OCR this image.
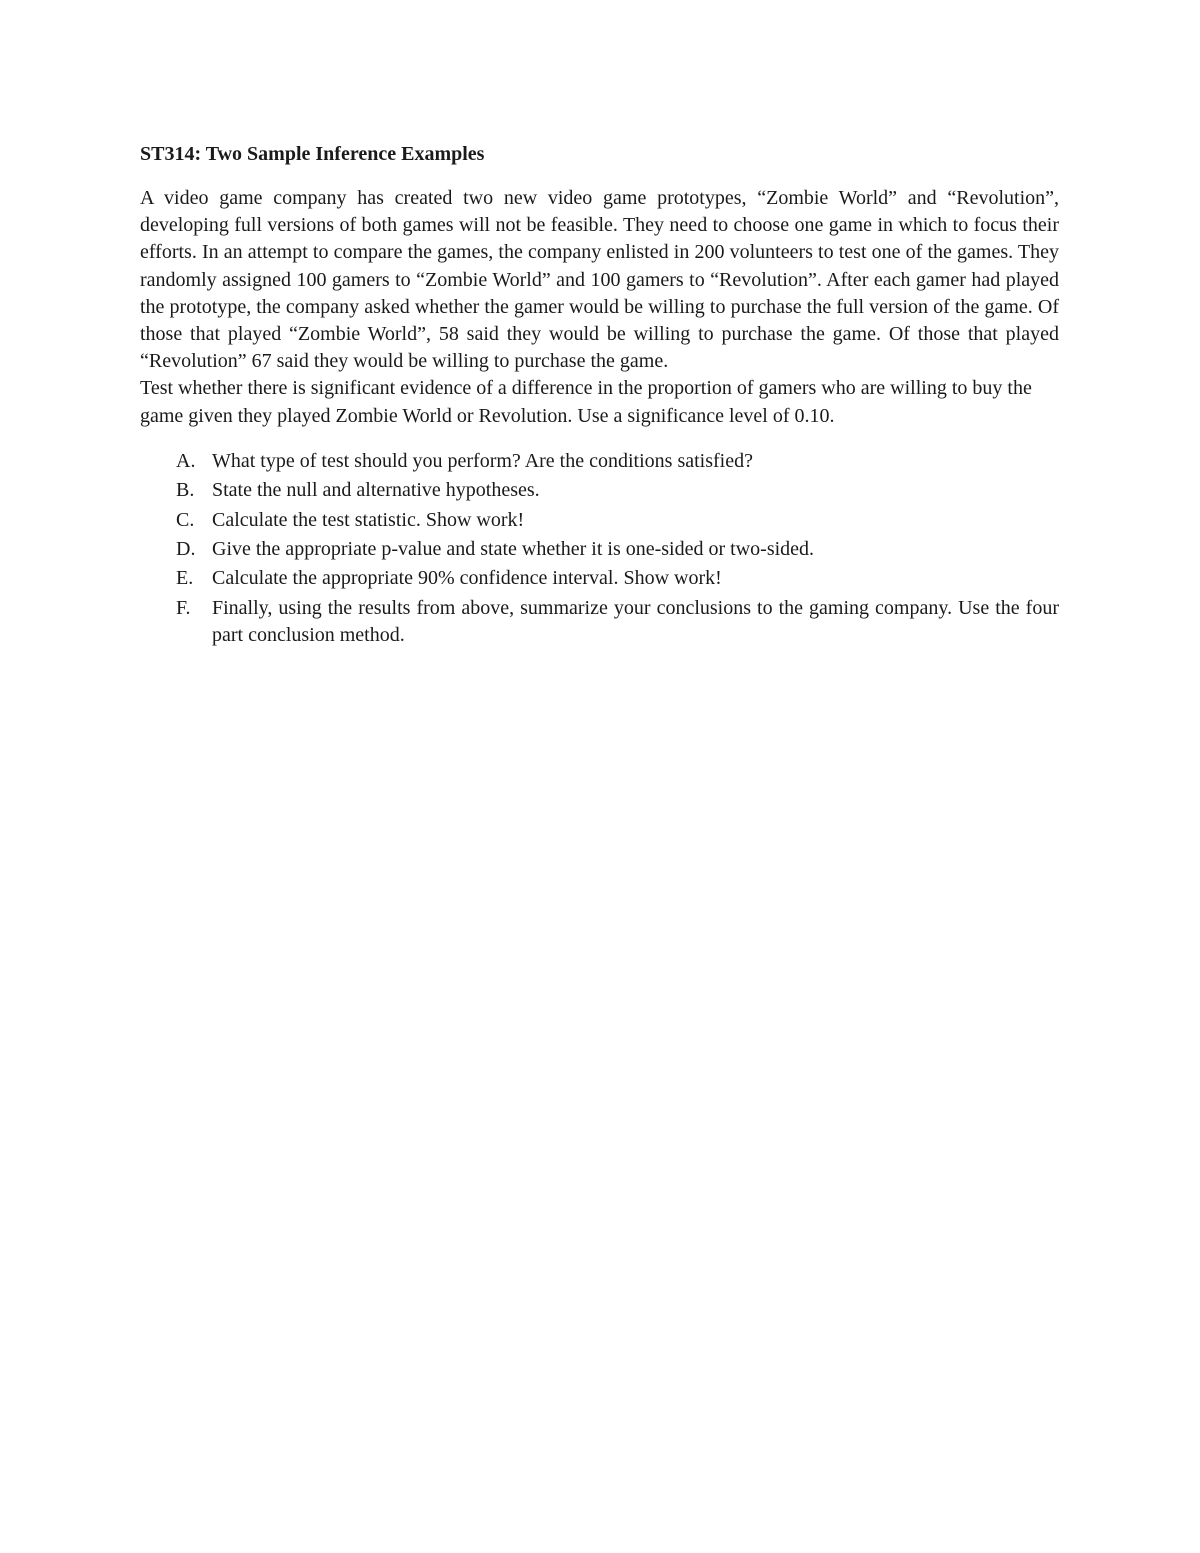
ST314: Two Sample Inference Examples

A video game company has created two new video game prototypes, “Zombie World” and “Revolution”, developing full versions of both games will not be feasible. They need to choose one game in which to focus their efforts. In an attempt to compare the games, the company enlisted in 200 volunteers to test one of the games. They randomly assigned 100 gamers to “Zombie World” and 100 gamers to “Revolution”. After each gamer had played the prototype, the company asked whether the gamer would be willing to purchase the full version of the game. Of those that played “Zombie World”, 58 said they would be willing to purchase the game. Of those that played “Revolution” 67 said they would be willing to purchase the game.

Test whether there is significant evidence of a difference in the proportion of gamers who are willing to buy the game given they played Zombie World or Revolution. Use a significance level of 0.10.

A. What type of test should you perform? Are the conditions satisfied?
B. State the null and alternative hypotheses.
C. Calculate the test statistic. Show work!
D. Give the appropriate p-value and state whether it is one-sided or two-sided.
E. Calculate the appropriate 90% confidence interval. Show work!
F.	Finally, using the results from above, summarize your conclusions to the gaming company. Use the four part conclusion method.
